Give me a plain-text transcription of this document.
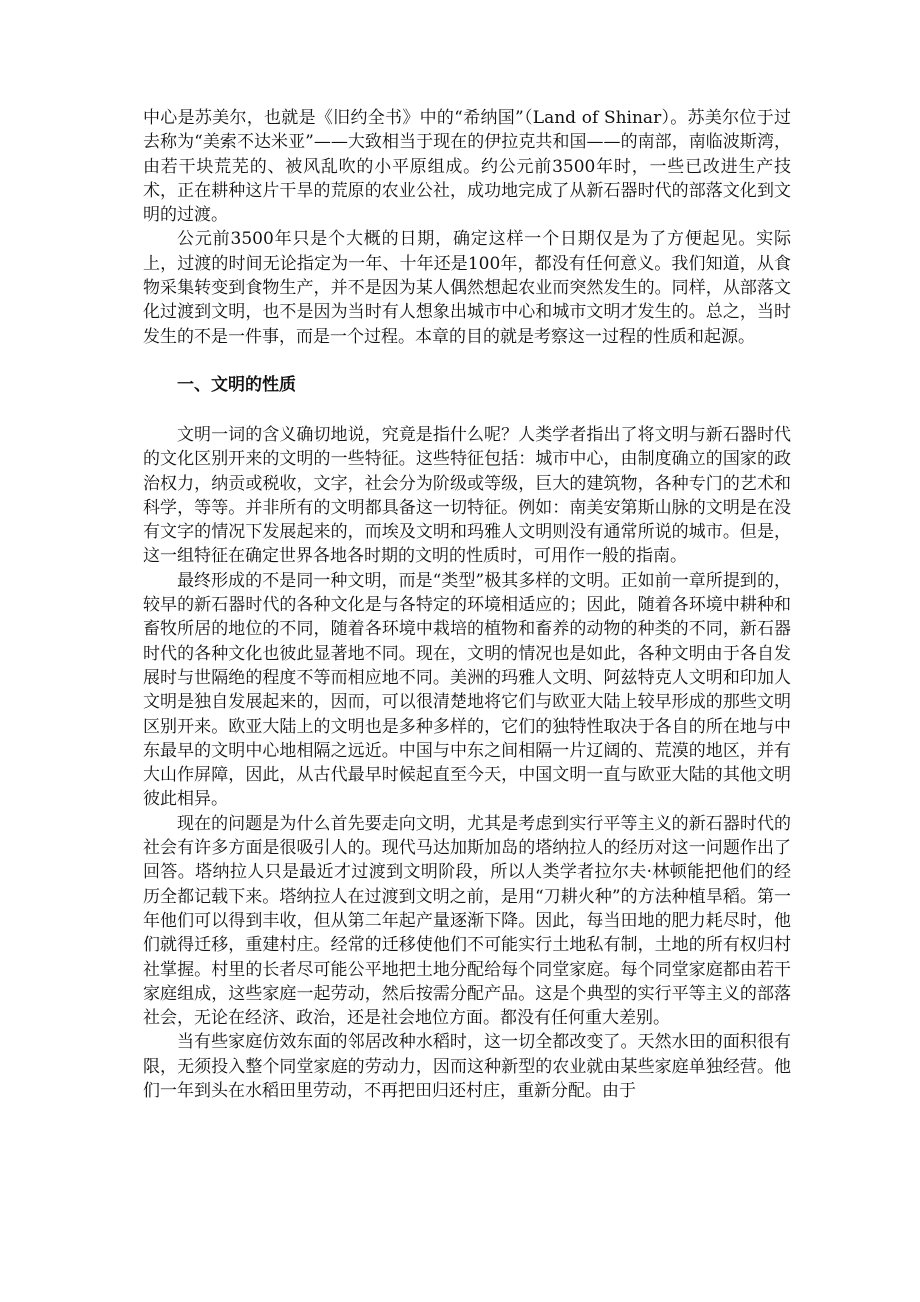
中心是苏美尔，也就是《旧约全书》中的“希纳国”（Land of Shinar）。苏美尔位于过去称为“美索不达米亚”——大致相当于现在的伊拉克共和国——的南部，南临波斯湾，由若干块荒芜的、被风乱吹的小平原组成。约公元前3500年时，一些已改进生产技术，正在耕种这片干旱的荒原的农业公社，成功地完成了从新石器时代的部落文化到文明的过渡。

公元前3500年只是个大概的日期，确定这样一个日期仅是为了方便起见。实际上，过渡的时间无论指定为一年、十年还是100年，都没有任何意义。我们知道，从食物采集转变到食物生产，并不是因为某人偶然想起农业而突然发生的。同样，从部落文化过渡到文明，也不是因为当时有人想象出城市中心和城市文明才发生的。总之，当时发生的不是一件事，而是一个过程。本章的目的就是考察这一过程的性质和起源。

一、文明的性质

文明一词的含义确切地说，究竟是指什么呢？人类学者指出了将文明与新石器时代的文化区别开来的文明的一些特征。这些特征包括：城市中心，由制度确立的国家的政治权力，纳贡或税收，文字，社会分为阶级或等级，巨大的建筑物，各种专门的艺术和科学，等等。并非所有的文明都具备这一切特征。例如：南美安第斯山脉的文明是在没有文字的情况下发展起来的，而埃及文明和玛雅人文明则没有通常所说的城市。但是，这一组特征在确定世界各地各时期的文明的性质时，可用作一般的指南。

最终形成的不是同一种文明，而是“类型”极其多样的文明。正如前一章所提到的，较早的新石器时代的各种文化是与各特定的环境相适应的；因此，随着各环境中耕种和畜牧所居的地位的不同，随着各环境中栽培的植物和畜养的动物的种类的不同，新石器时代的各种文化也彼此显著地不同。现在，文明的情况也是如此，各种文明由于各自发展时与世隔绝的程度不等而相应地不同。美洲的玛雅人文明、阿兹特克人文明和印加人文明是独自发展起来的，因而，可以很清楚地将它们与欧亚大陆上较早形成的那些文明区别开来。欧亚大陆上的文明也是多种多样的，它们的独特性取决于各自的所在地与中东最早的文明中心地相隔之远近。中国与中东之间相隔一片辽阔的、荒漠的地区，并有大山作屏障，因此，从古代最早时候起直至今天，中国文明一直与欧亚大陆的其他文明彼此相异。

现在的问题是为什么首先要走向文明，尤其是考虑到实行平等主义的新石器时代的社会有许多方面是很吸引人的。现代马达加斯加岛的塔纳拉人的经历对这一问题作出了回答。塔纳拉人只是最近才过渡到文明阶段，所以人类学者拉尔夫·林顿能把他们的经历全都记载下来。塔纳拉人在过渡到文明之前，是用“刀耕火种”的方法种植旱稻。第一年他们可以得到丰收，但从第二年起产量逐渐下降。因此，每当田地的肥力耗尽时，他们就得迁移，重建村庄。经常的迁移使他们不可能实行土地私有制，土地的所有权归村社掌握。村里的长者尽可能公平地把土地分配给每个同堂家庭。每个同堂家庭都由若干家庭组成，这些家庭一起劳动，然后按需分配产品。这是个典型的实行平等主义的部落社会，无论在经济、政治，还是社会地位方面。都没有任何重大差别。

当有些家庭仿效东面的邻居改种水稻时，这一切全都改变了。天然水田的面积很有限，无须投入整个同堂家庭的劳动力，因而这种新型的农业就由某些家庭单独经营。他们一年到头在水稻田里劳动，不再把田归还村庄，重新分配。由于
